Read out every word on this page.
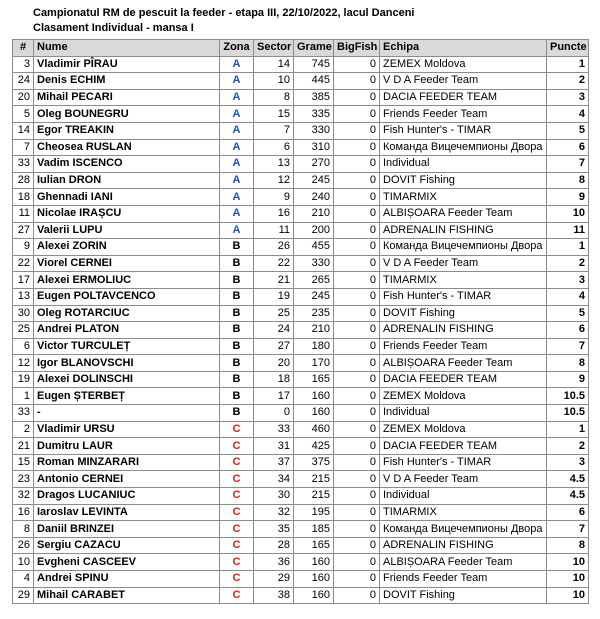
Campionatul RM de pescuit la feeder - etapa III, 22/10/2022, lacul Danceni
Clasament Individual - mansa I
#	Nume	Zona	Sector	Grame	BigFish	Echipa	Puncte
3	Vladimir PÎRAU	A	14	745	0	ZEMEX Moldova	1
24	Denis ECHIM	A	10	445	0	V D A Feeder Team	2
20	Mihail PECARI	A	8	385	0	DACIA FEEDER TEAM	3
5	Oleg BOUNEGRU	A	15	335	0	Friends Feeder Team	4
14	Egor TREAKIN	A	7	330	0	Fish Hunter's - TIMAR	5
7	Cheosea RUSLAN	A	6	310	0	Команда Вицечемпионы Двора	6
33	Vadim ISCENCO	A	13	270	0	Individual	7
28	Iulian DRON	A	12	245	0	DOVIT Fishing	8
18	Ghennadi IANI	A	9	240	0	TIMARMIX	9
11	Nicolae IRAȘCU	A	16	210	0	ALBIȘOARA Feeder Team	10
27	Valerii LUPU	A	11	200	0	ADRENALIN FISHING	11
9	Alexei ZORIN	B	26	455	0	Команда Вицечемпионы Двора	1
22	Viorel CERNEI	B	22	330	0	V D A Feeder Team	2
17	Alexei ERMOLIUC	B	21	265	0	TIMARMIX	3
13	Eugen POLTAVCENCO	B	19	245	0	Fish Hunter's - TIMAR	4
30	Oleg ROTARCIUC	B	25	235	0	DOVIT Fishing	5
25	Andrei PLATON	B	24	210	0	ADRENALIN FISHING	6
6	Victor TURCULEȚ	B	27	180	0	Friends Feeder Team	7
12	Igor BLANOVSCHI	B	20	170	0	ALBIȘOARA Feeder Team	8
19	Alexei DOLINSCHI	B	18	165	0	DACIA FEEDER TEAM	9
1	Eugen ȘTERBEȚ	B	17	160	0	ZEMEX Moldova	10.5
33	-	B	0	160	0	Individual	10.5
2	Vladimir URSU	C	33	460	0	ZEMEX Moldova	1
21	Dumitru LAUR	C	31	425	0	DACIA FEEDER TEAM	2
15	Roman MINZARARI	C	37	375	0	Fish Hunter's - TIMAR	3
23	Antonio CERNEI	C	34	215	0	V D A Feeder Team	4.5
32	Dragos LUCANIUC	C	30	215	0	Individual	4.5
16	Iaroslav LEVINTA	C	32	195	0	TIMARMIX	6
8	Daniil BRINZEI	C	35	185	0	Команда Вицечемпионы Двора	7
26	Sergiu CAZACU	C	28	165	0	ADRENALIN FISHING	8
10	Evgheni CASCEEV	C	36	160	0	ALBIȘOARA Feeder Team	10
4	Andrei SPINU	C	29	160	0	Friends Feeder Team	10
29	Mihail CARABET	C	38	160	0	DOVIT Fishing	10
